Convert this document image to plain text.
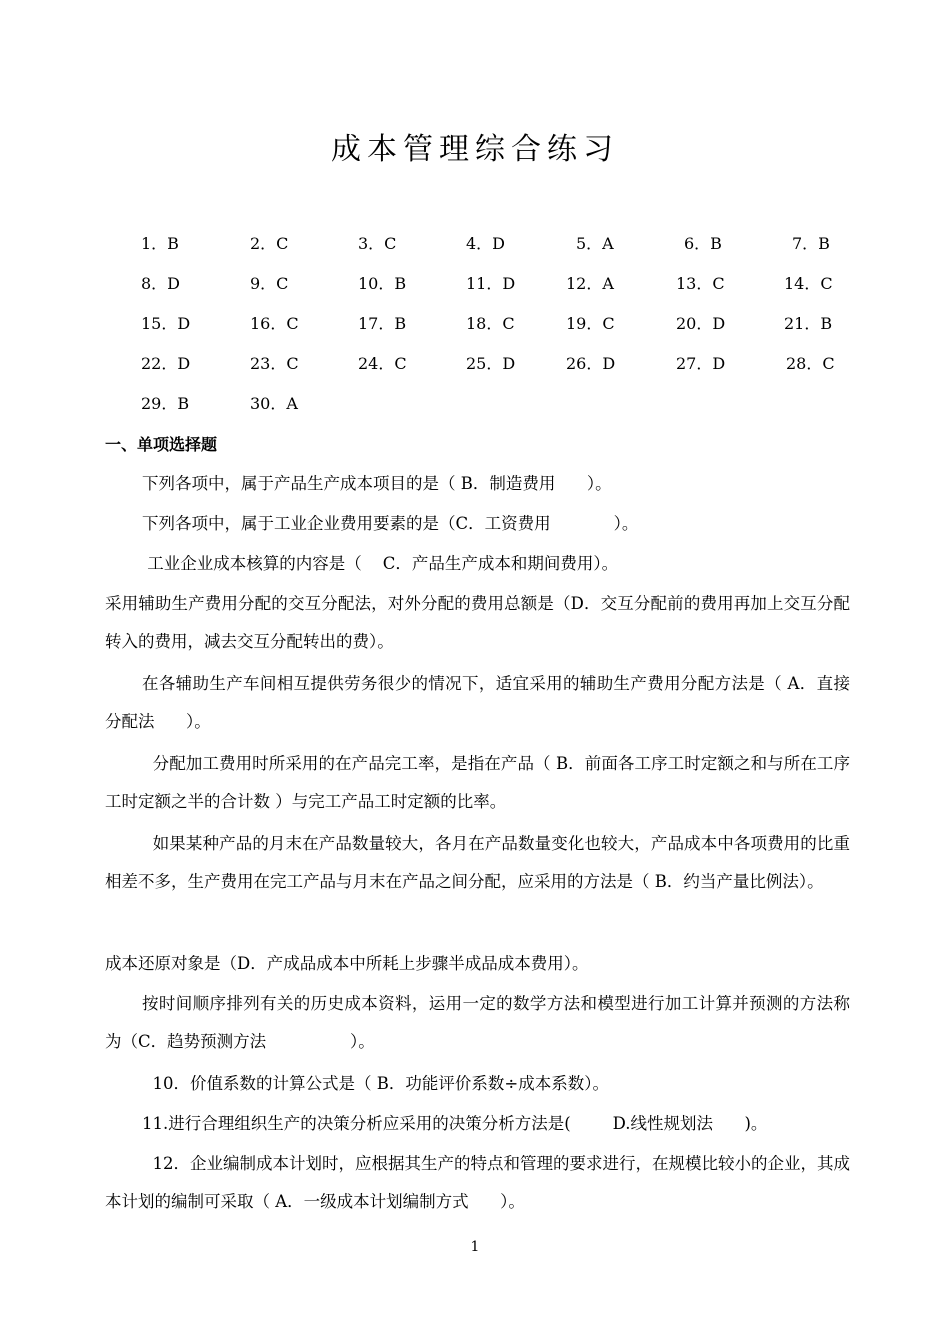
成本管理综合练习
1．B	2．C	3．C	4．D	5．A	6．B	7．B
8．D	9．C	10．B	11．D	12．A	13．C	14．C
15．D	16．C	17．B	18．C	19．C	20．D	21．B
22．D	23．C	24．C	25．D	26．D	27．D	28．C
29．B	30．A
一、单项选择题
下列各项中，属于产品生产成本项目的是（ B．制造费用      ）。
下列各项中，属于工业企业费用要素的是（C．工资费用            ）。
工业企业成本核算的内容是（    C．产品生产成本和期间费用）。
采用辅助生产费用分配的交互分配法，对外分配的费用总额是（D．交互分配前的费用再加上交互分配转入的费用，减去交互分配转出的费）。
在各辅助生产车间相互提供劳务很少的情况下，适宜采用的辅助生产费用分配方法是（ A．直接分配法      ）。
分配加工费用时所采用的在产品完工率，是指在产品（ B．前面各工序工时定额之和与所在工序工时定额之半的合计数 ）与完工产品工时定额的比率。
如果某种产品的月末在产品数量较大，各月在产品数量变化也较大，产品成本中各项费用的比重相差不多，生产费用在完工产品与月末在产品之间分配，应采用的方法是（ B．约当产量比例法）。
成本还原对象是（D．产成品成本中所耗上步骤半成品成本费用）。
按时间顺序排列有关的历史成本资料，运用一定的数学方法和模型进行加工计算并预测的方法称为（C．趋势预测方法                ）。
10．价值系数的计算公式是（ B．功能评价系数÷成本系数）。
11.进行合理组织生产的决策分析应采用的决策分析方法是(        D.线性规划法      )。
12．企业编制成本计划时，应根据其生产的特点和管理的要求进行，在规模比较小的企业，其成本计划的编制可采取（ A．一级成本计划编制方式      ）。
1
